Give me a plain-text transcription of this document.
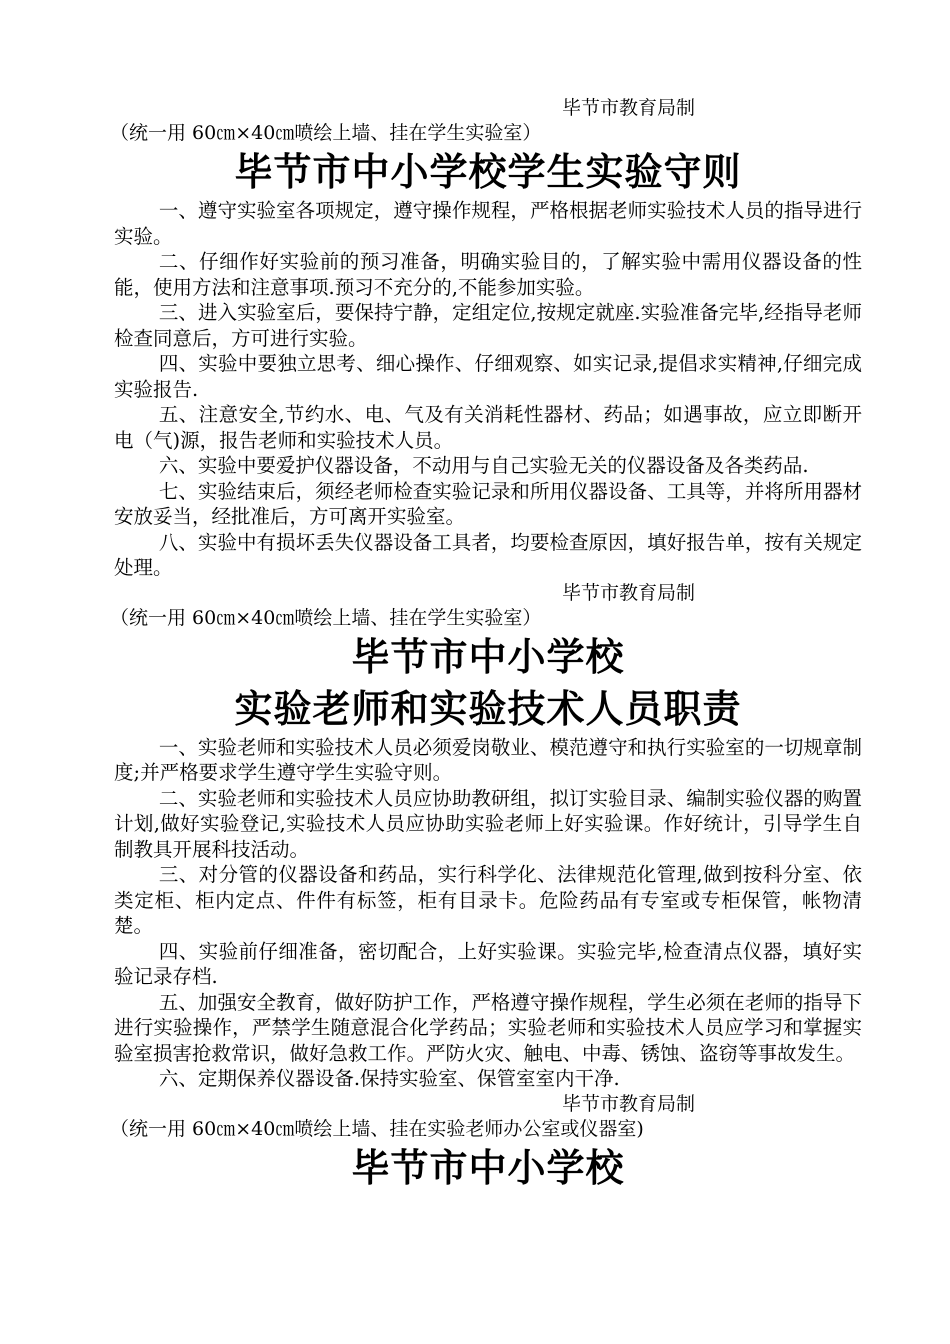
毕节市教育局制
（统一用 60㎝×40㎝喷绘上墙、挂在学生实验室）
毕节市中小学校学生实验守则

一、遵守实验室各项规定，遵守操作规程，严格根据老师实验技术人员的指导进行实验。

二、仔细作好实验前的预习准备，明确实验目的，了解实验中需用仪器设备的性能，使用方法和注意事项.预习不充分的,不能参加实验。

三、进入实验室后，要保持宁静，定组定位,按规定就座.实验准备完毕,经指导老师检查同意后，方可进行实验。

四、实验中要独立思考、细心操作、仔细观察、如实记录,提倡求实精神,仔细完成实验报告.

五、注意安全,节约水、电、气及有关消耗性器材、药品；如遇事故，应立即断开电（气)源，报告老师和实验技术人员。

六、实验中要爱护仪器设备，不动用与自己实验无关的仪器设备及各类药品.

七、实验结束后，须经老师检查实验记录和所用仪器设备、工具等，并将所用器材安放妥当，经批准后，方可离开实验室。

八、实验中有损坏丢失仪器设备工具者，均要检查原因，填好报告单，按有关规定处理。

毕节市教育局制
（统一用 60㎝×40㎝喷绘上墙、挂在学生实验室）
毕节市中小学校
实验老师和实验技术人员职责

一、实验老师和实验技术人员必须爱岗敬业、模范遵守和执行实验室的一切规章制度;并严格要求学生遵守学生实验守则。

二、实验老师和实验技术人员应协助教研组，拟订实验目录、编制实验仪器的购置计划,做好实验登记,实验技术人员应协助实验老师上好实验课。作好统计，引导学生自制教具开展科技活动。

三、对分管的仪器设备和药品，实行科学化、法律规范化管理,做到按科分室、依类定柜、柜内定点、件件有标签，柜有目录卡。危险药品有专室或专柜保管，帐物清楚。

四、实验前仔细准备，密切配合，上好实验课。实验完毕,检查清点仪器，填好实验记录存档.

五、加强安全教育，做好防护工作，严格遵守操作规程，学生必须在老师的指导下进行实验操作，严禁学生随意混合化学药品；实验老师和实验技术人员应学习和掌握实验室损害抢救常识，做好急救工作。严防火灾、触电、中毒、锈蚀、盗窃等事故发生。

六、定期保养仪器设备.保持实验室、保管室室内干净.

毕节市教育局制
（统一用 60㎝×40㎝喷绘上墙、挂在实验老师办公室或仪器室)
毕节市中小学校
